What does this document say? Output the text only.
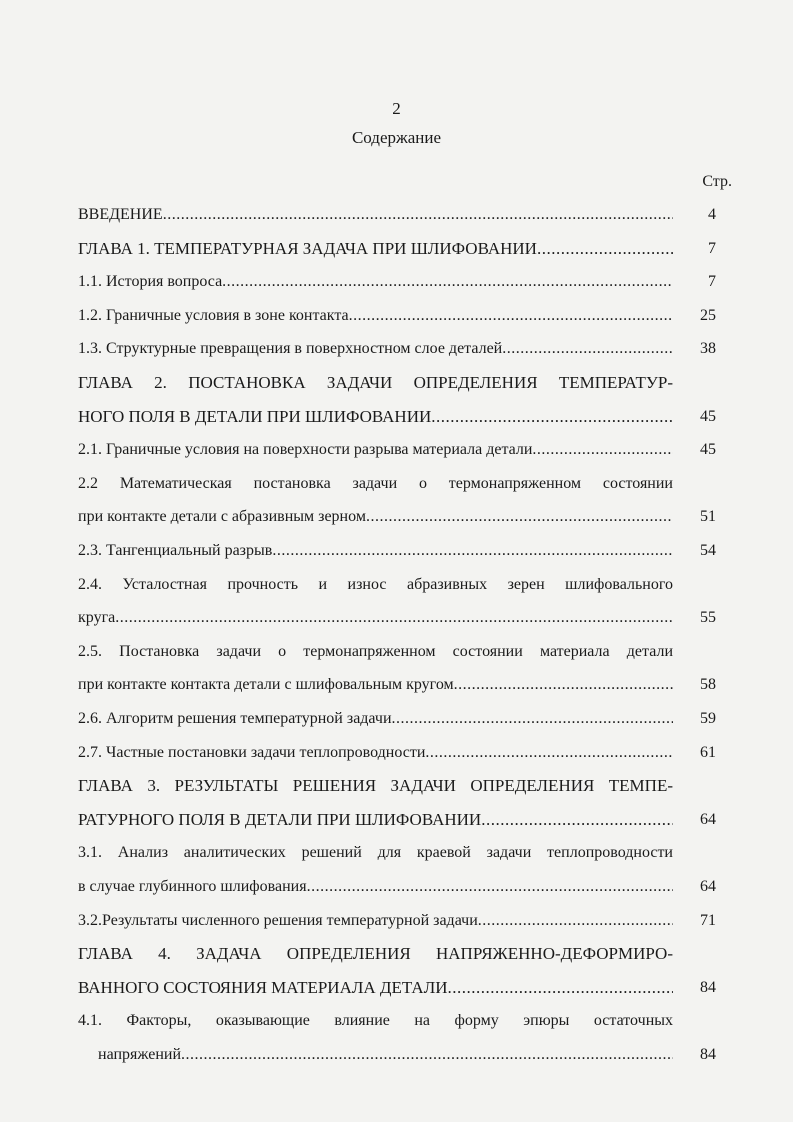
2
Содержание
Стр.
ВВЕДЕНИЕ .....	4
ГЛАВА 1. ТЕМПЕРАТУРНАЯ ЗАДАЧА ПРИ ШЛИФОВАНИИ .....	7
1.1. История вопроса .....	7
1.2. Граничные условия в зоне контакта .....	25
1.3. Структурные превращения в поверхностном слое деталей .....	38
ГЛАВА 2. ПОСТАНОВКА ЗАДАЧИ ОПРЕДЕЛЕНИЯ ТЕМПЕРАТУР-
НОГО ПОЛЯ В ДЕТАЛИ ПРИ ШЛИФОВАНИИ .....	45
2.1. Граничные условия на поверхности разрыва материала детали .....	45
2.2 Математическая постановка задачи о термонапряженном состоянии
при контакте детали с абразивным зерном .....	51
2.3. Тангенциальный разрыв .....	54
2.4. Усталостная прочность и износ абразивных зерен шлифовального
круга .....	55
2.5. Постановка задачи о термонапряженном состоянии материала детали
при контакте контакта детали с шлифовальным кругом .....	58
2.6. Алгоритм решения температурной задачи .....	59
2.7. Частные постановки задачи теплопроводности .....	61
ГЛАВА 3. РЕЗУЛЬТАТЫ РЕШЕНИЯ ЗАДАЧИ ОПРЕДЕЛЕНИЯ ТЕМПЕ-
РАТУРНОГО ПОЛЯ В ДЕТАЛИ ПРИ ШЛИФОВАНИИ .....	64
3.1. Анализ аналитических решений для краевой задачи теплопроводности
в случае глубинного шлифования .....	64
3.2.Результаты численного решения температурной задачи .....	71
ГЛАВА 4. ЗАДАЧА ОПРЕДЕЛЕНИЯ НАПРЯЖЕННО-ДЕФОРМИРО-
ВАННОГО СОСТОЯНИЯ МАТЕРИАЛА ДЕТАЛИ .....	84
4.1. Факторы, оказывающие влияние на форму эпюры остаточных
напряжений .....	84
